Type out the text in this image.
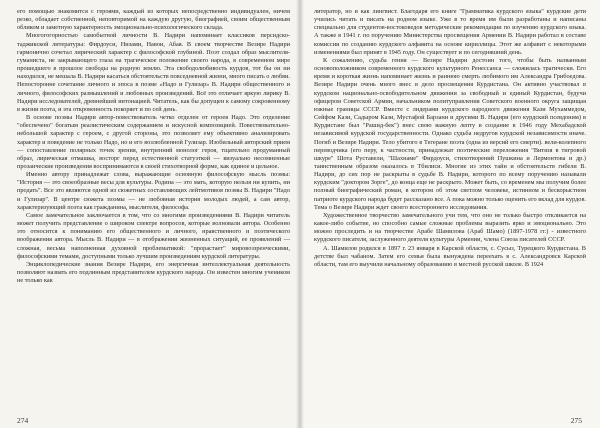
его помощью знакомится с героями, каждый из которых непосредственно индивидуален, ничем резко, обладает собственной, неповторимой на каждую другую, биографией, своим общественным обликом и заметную характерность эмоционально-психологического склада.

Многогогорностью самобытной личности В. Надири напоминает классиков персидско-таджикской литературы: Фирдоуси, Низами, Навои, Абая. В своем творчестве Везире Надири гармонично сочетал лирический характер с философской глубиной. Поэт создал образ мыслителя-гуманиста, не закрывающего глаза на трагическое положение своего народа, в современном мире прошедшего в прошлое свободы на родную землю. Эта свободолюбивость курдов, тот бы он ни находился, не мешала В. Надири касаться обстоятельств повседневной жизни, много писать о любви. Непосторонне сочетание личного и эпоса в поэме «Надо и Гулизар» В. Надири общественного и личного, философских размышлений и любовных произведений. Всё это отличает яркую лирику В. Надири исследователей, древнейшей интонацией. Читатель, как бы допущен к самому сокровенному в жизни поэта, и эта откровенность покоряет и по сей день.

В основе поэмы Надири автор-повествователь четко отделен от героев Надо. Это отделение "обеспечено" богатым реалистическим содержанием и искусной композицией. Повествовательно-небольшой характер с героем, с другой стороны, это позволяет ему объективно анализировать характер и поведение не только Надо, но и его возлюбленной Гулизар. Изобильный авторский прием — сопоставление полярных точек зрения, внутренний монолог героя, тщательно продуманный образ, лирическая отмашка, восторг перед естественной статуэткой — визуально несомненные прозаические произведения воспринимаются в своей стихотворной форме, как единое и цельное.

Именно автору принадлежат слова, выражающие основную философскую мысль поэмы: "История — это своеобразные весы для культуры. Родина — это мать, которую нельзя ни купить, ни продать". Все это являются одной из сюжетных составляющих лейтмотивов поэмы В. Надири "Надо и Гулизар". В центре сюжета поэмы — не любовная история молодых людей, а сам автор, характеризующий поэта как гражданина, мыслителя, философа.

Самое замечательное заключается в том, что со многими произведениями В. Надири читатель может получить представление о широком спектре вопросов, которые волновали автора. Особенно это относится к пониманию его общественного и личного, нравственного и поэтического воображения автора. Мысль В. Надири — в отображении жизненных ситуаций, ее проявлений — сложная, весьма наполненная духовной проблематикой: "прорастает" мировоззренческими, философскими темами, доступными только лучшим произведениям курдской литературы.

Энциклопедические знания Везире Надири, его энергичная интеллектуальная деятельность позволяют назвать его подлинным представителем курдского народа. Он известен многим учеником не только как

274

литератор, но и как лингвист. Благодаря его книге "Грамматика курдского языка" курдские дети учились читать и писать на родном языке. Уже в то время им были разработаны и написаны специально для студентов-востоковедов методические рекомендации по изучению курдского языка. А также в 1941 г. по поручению Министерства просвещения Армении В. Надири работал в составе комиссии по созданию курдского алфавита на основе кириллицы. Этот же алфавит с некоторыми изменениями был принят в 1945 году. Он существует и по сегодняшний день.

К сожалению, судьба гения — Везире Надири достоин того, чтобы быть названным основоположником современного курдского культурного Ренессанса — сложилась трагически. Его время и короткая жизнь напоминает жизнь и раннюю смерть любимого им Александра Грибоедова. Везире Надири очень много внес в дело просвещения Курдистана. Он активно участвовал в курдском национально-освободительном движении за свободный и единый Курдистан, будучи офицером Советской Армии, начальником политуправления Советского военного округа защищая южные границы СССР. Вместе с лидерами курдского народного движения Кази Мухаммедом, Сейфом Кази, Садыром Кази, Мустафой Барзани и другими В. Надири (его курдский псевдоним) в Курдистане был "Рашид-бек") внес свою важную лепту в создание в 1946 году Мехабадской независимой курдской государственности. Однако судьба недругов курдской независимости иначе. Погиб и Везире Надири. Тело убитого в Тегеране поэта (одна из версий его смерти). вели-колепного переводчика (его перу, к частности, принадлежат поэтические переложения "Витязя в тигровой шкуре" Шота Руставели, "Шахнаме" Фирдоуси, стихотворений Пушкина и Лермонтова и др.) таинственным образом оказалось в Тбилиси. Многие из этих тайн и обстоятельств гибели В. Надири, до сих пор не раскрыты в судьбе В. Надири, которого по всему поручению называли курдским "доктором Зорге", до конца еще не раскрыто. Может быть, со временем мы получим более полный биографический роман, в котором об этом светлом человеке, истинном и бескорыстном патриоте курдского народа будет рассказано все. А пока можно только оценить его вклад для курдов. Тема о Везире Надири ждет своего всестороннего исследования.

Художественное творчество замечательного учи тем, что оно не только быстро откликается на какое-либо событие, но способно самые сложные проблемы выразить ярко и эмоционально. Это можно проследить и на творчестве Арабе Шамилова (Араб Шамо) (1897-1978 гг.) - известного курдского писателя, заслуженного деятеля культуры Армении, члена Союза писателей СССР.

А. Шамилов родился в 1897 г. 23 января в Карской области, с. Сусыз, Турецкого Курдистана. В детстве был чабаном. Затем его семья была вынуждена переехать в с. Александровск Карской области, там его выучили начальному образованию в местной русской школе. В 1924

275
